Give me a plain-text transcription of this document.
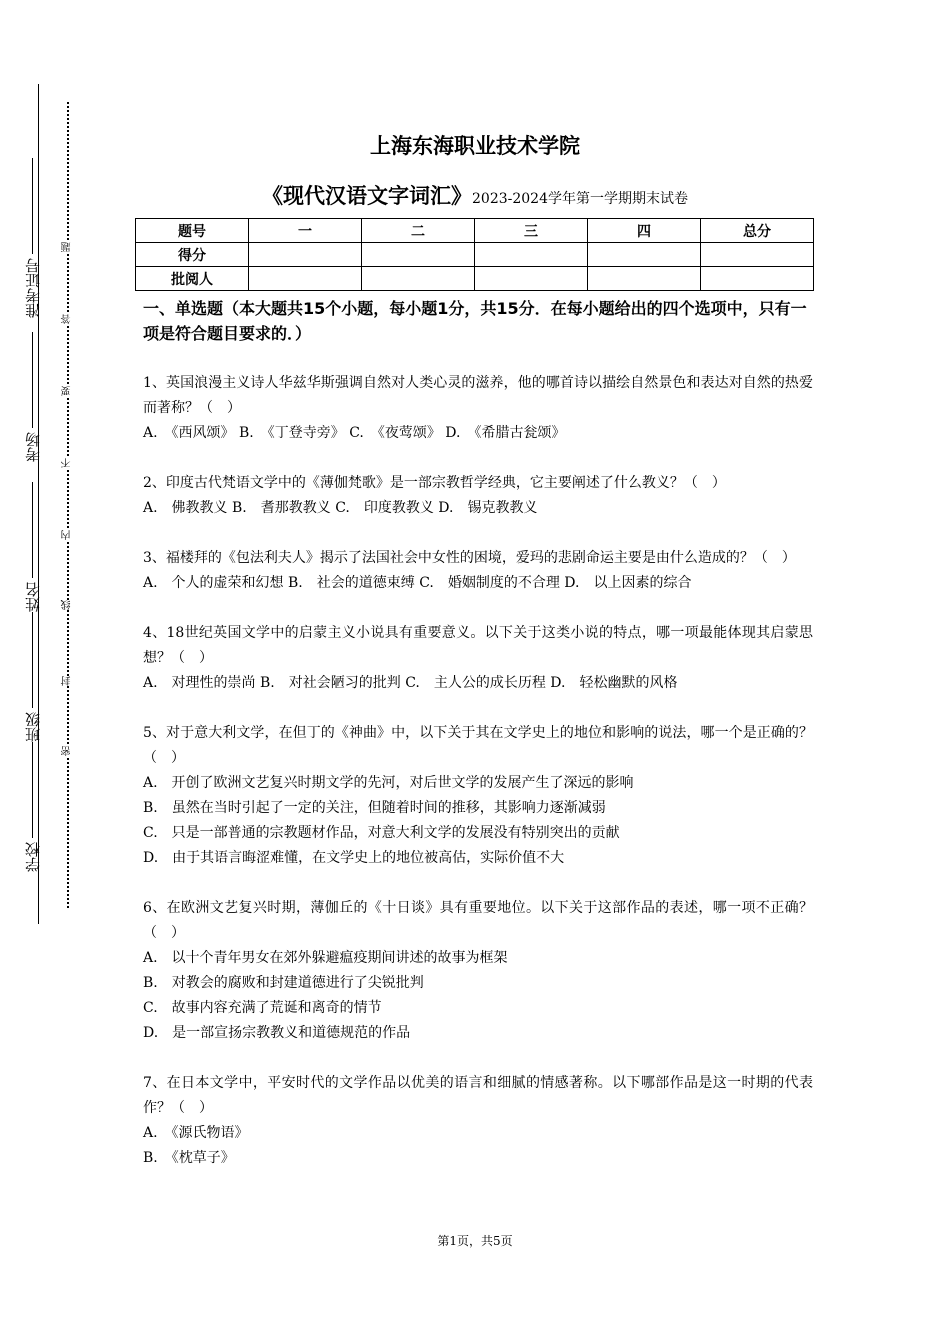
学校
班级
姓名
考场
准考证号
密
封
线
内
不
要
答
题
上海东海职业技术学院
《现代汉语文字词汇》2023-2024学年第一学期期末试卷
题号	一	二	三	四	总分
得分					
批阅人					
一、单选题（本大题共15个小题，每小题1分，共15分．在每小题给出的四个选项中，只有一项是符合题目要求的．）
1、英国浪漫主义诗人华兹华斯强调自然对人类心灵的滋养，他的哪首诗以描绘自然景色和表达对自然的热爱而著称？（　）
A.　《西风颂》 B.　《丁登寺旁》 C.　《夜莺颂》 D.　《希腊古瓮颂》
2、印度古代梵语文学中的《薄伽梵歌》是一部宗教哲学经典，它主要阐述了什么教义？（　）
A.　佛教教义 B.　耆那教教义 C.　印度教教义 D.　锡克教教义
3、福楼拜的《包法利夫人》揭示了法国社会中女性的困境，爱玛的悲剧命运主要是由什么造成的？（　）
A.　个人的虚荣和幻想 B.　社会的道德束缚 C.　婚姻制度的不合理 D.　以上因素的综合
4、18世纪英国文学中的启蒙主义小说具有重要意义。以下关于这类小说的特点，哪一项最能体现其启蒙思想？（　）
A.　对理性的崇尚 B.　对社会陋习的批判 C.　主人公的成长历程 D.　轻松幽默的风格
5、对于意大利文学，在但丁的《神曲》中，以下关于其在文学史上的地位和影响的说法，哪一个是正确的？（　）
A.　开创了欧洲文艺复兴时期文学的先河，对后世文学的发展产生了深远的影响
B.　虽然在当时引起了一定的关注，但随着时间的推移，其影响力逐渐减弱
C.　只是一部普通的宗教题材作品，对意大利文学的发展没有特别突出的贡献
D.　由于其语言晦涩难懂，在文学史上的地位被高估，实际价值不大
6、在欧洲文艺复兴时期，薄伽丘的《十日谈》具有重要地位。以下关于这部作品的表述，哪一项不正确？（　）
A.　以十个青年男女在郊外躲避瘟疫期间讲述的故事为框架
B.　对教会的腐败和封建道德进行了尖锐批判
C.　故事内容充满了荒诞和离奇的情节
D.　是一部宣扬宗教教义和道德规范的作品
7、在日本文学中，平安时代的文学作品以优美的语言和细腻的情感著称。以下哪部作品是这一时期的代表作？（　）
A.　《源氏物语》
B.　《枕草子》
第1页，共5页
